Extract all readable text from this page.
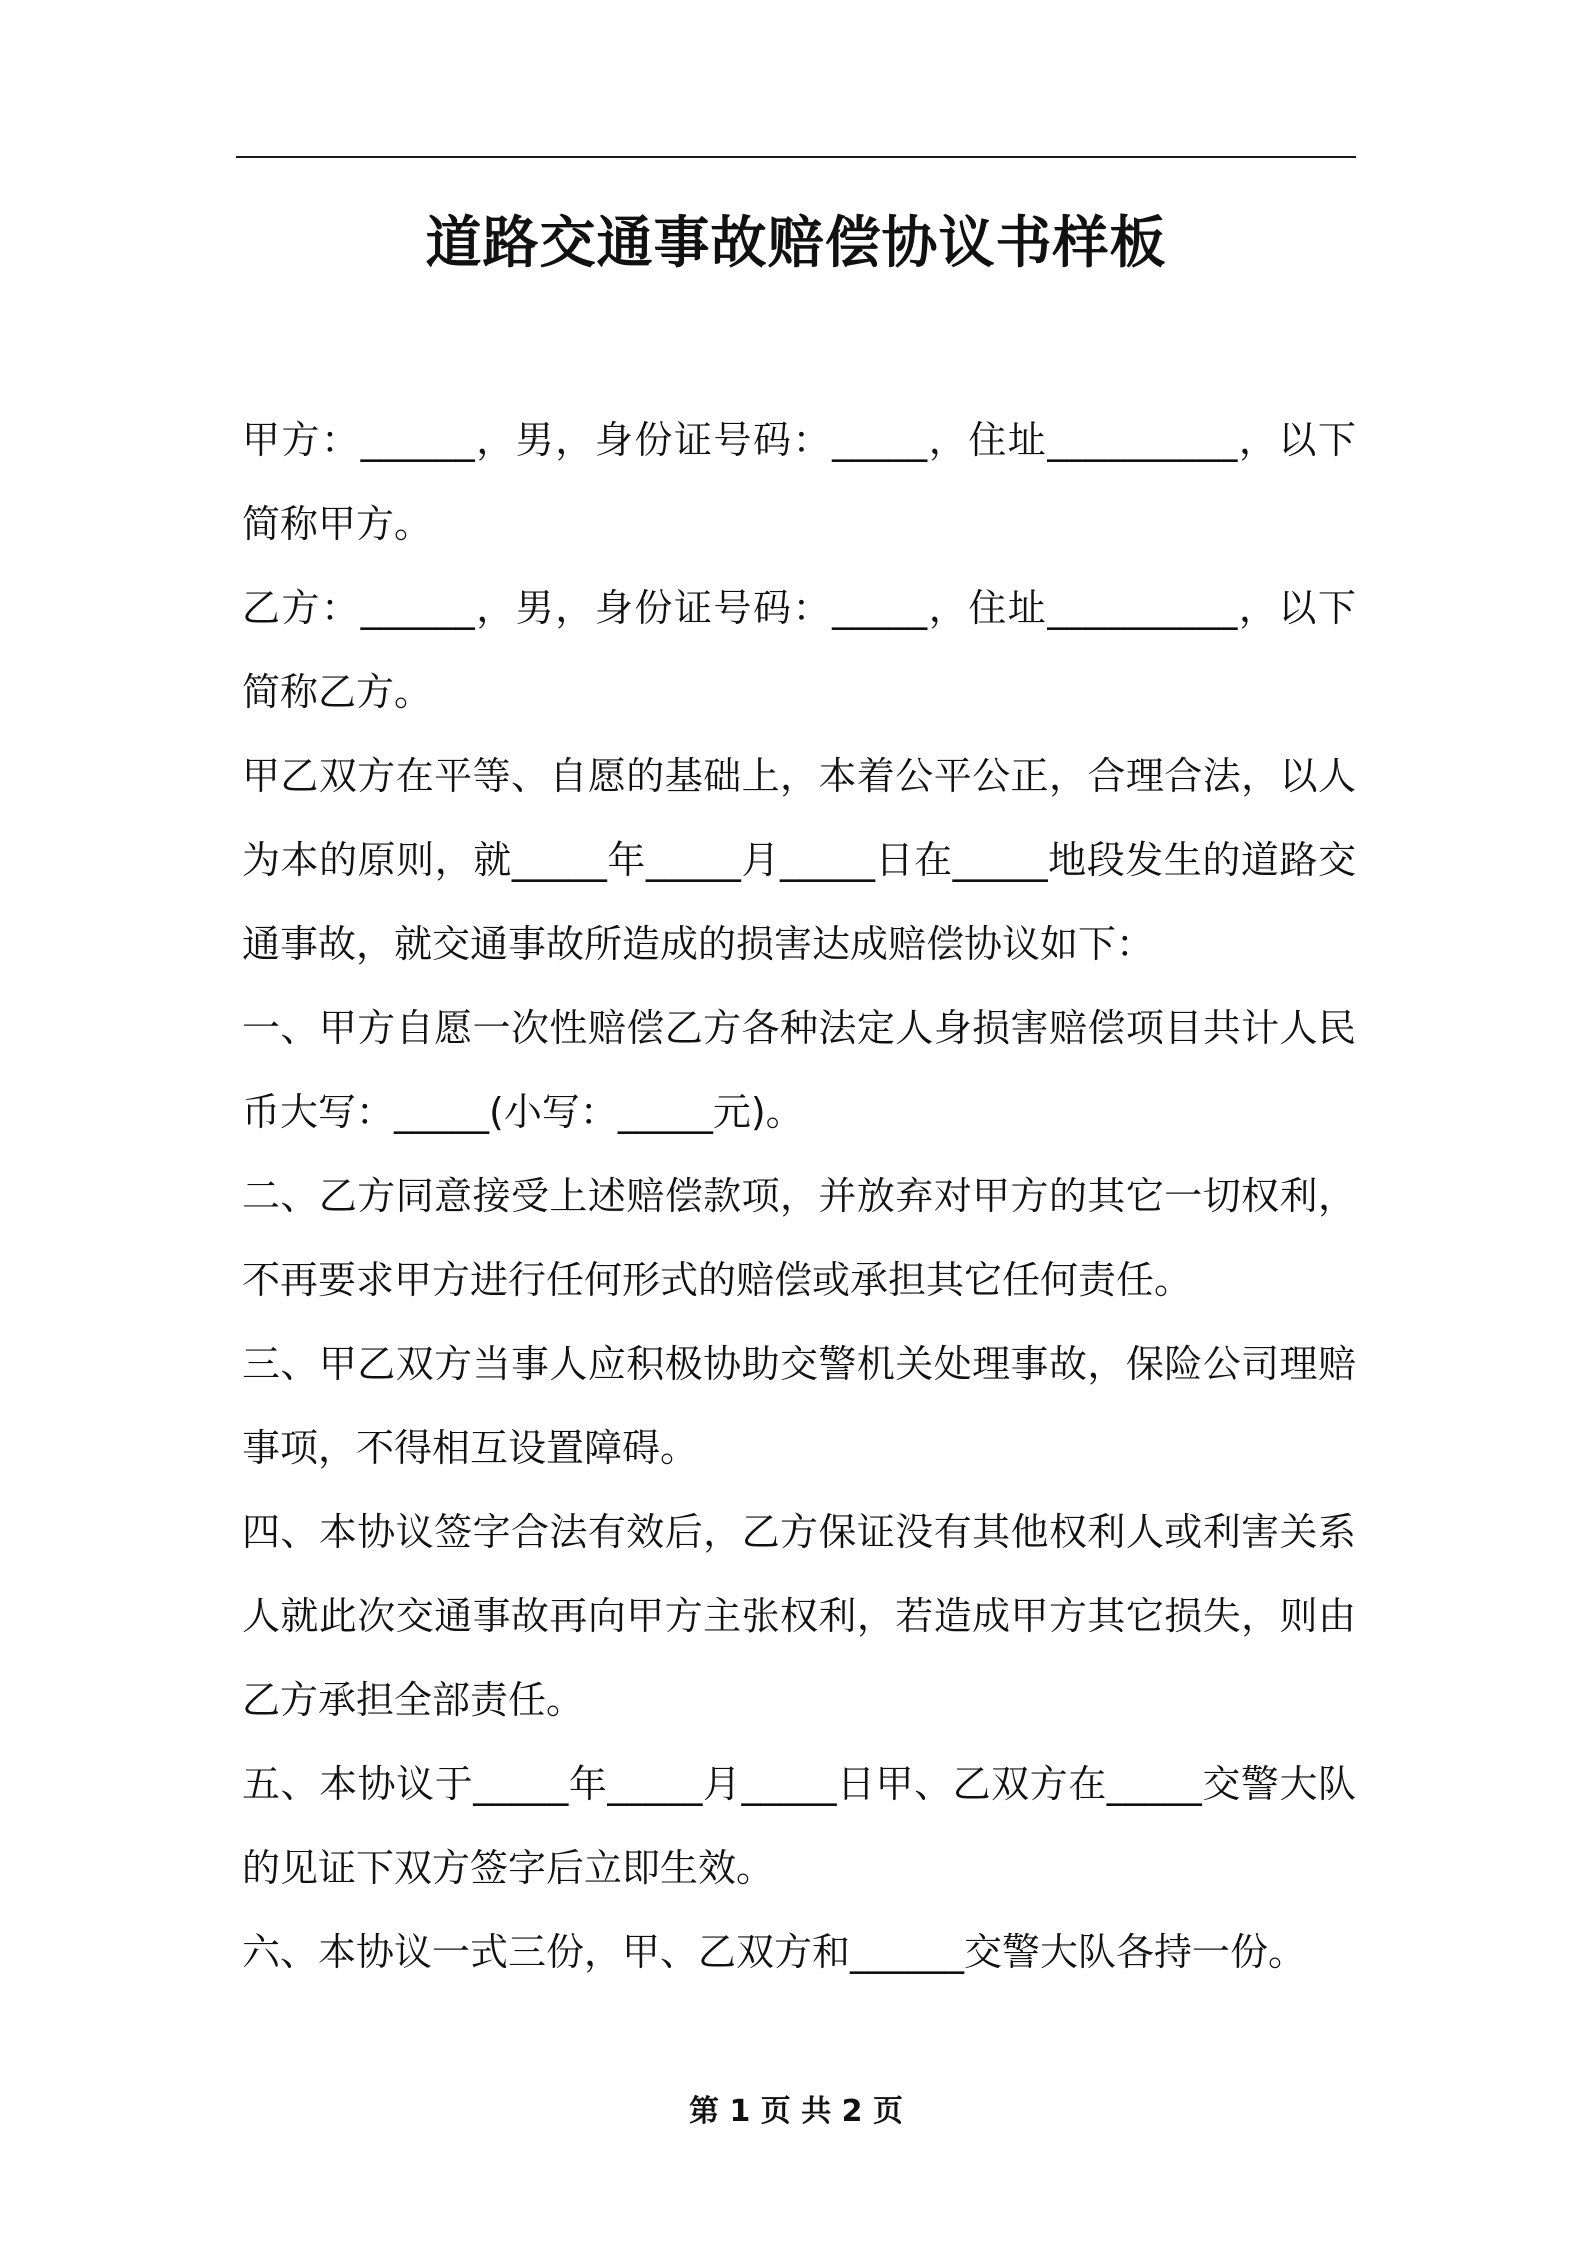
道路交通事故赔偿协议书样板

甲方：______，男，身份证号码：_____，住址__________，以下简称甲方。

乙方：______，男，身份证号码：_____，住址__________，以下简称乙方。

甲乙双方在平等、自愿的基础上，本着公平公正，合理合法，以人为本的原则，就_____年_____月_____日在_____地段发生的道路交通事故，就交通事故所造成的损害达成赔偿协议如下：

一、甲方自愿一次性赔偿乙方各种法定人身损害赔偿项目共计人民币大写：_____(小写：_____元)。

二、乙方同意接受上述赔偿款项，并放弃对甲方的其它一切权利，不再要求甲方进行任何形式的赔偿或承担其它任何责任。

三、甲乙双方当事人应积极协助交警机关处理事故，保险公司理赔事项，不得相互设置障碍。

四、本协议签字合法有效后，乙方保证没有其他权利人或利害关系人就此次交通事故再向甲方主张权利，若造成甲方其它损失，则由乙方承担全部责任。

五、本协议于_____年_____月_____日甲、乙双方在_____交警大队的见证下双方签字后立即生效。

六、本协议一式三份，甲、乙双方和______交警大队各持一份。

第 1 页 共 2 页
